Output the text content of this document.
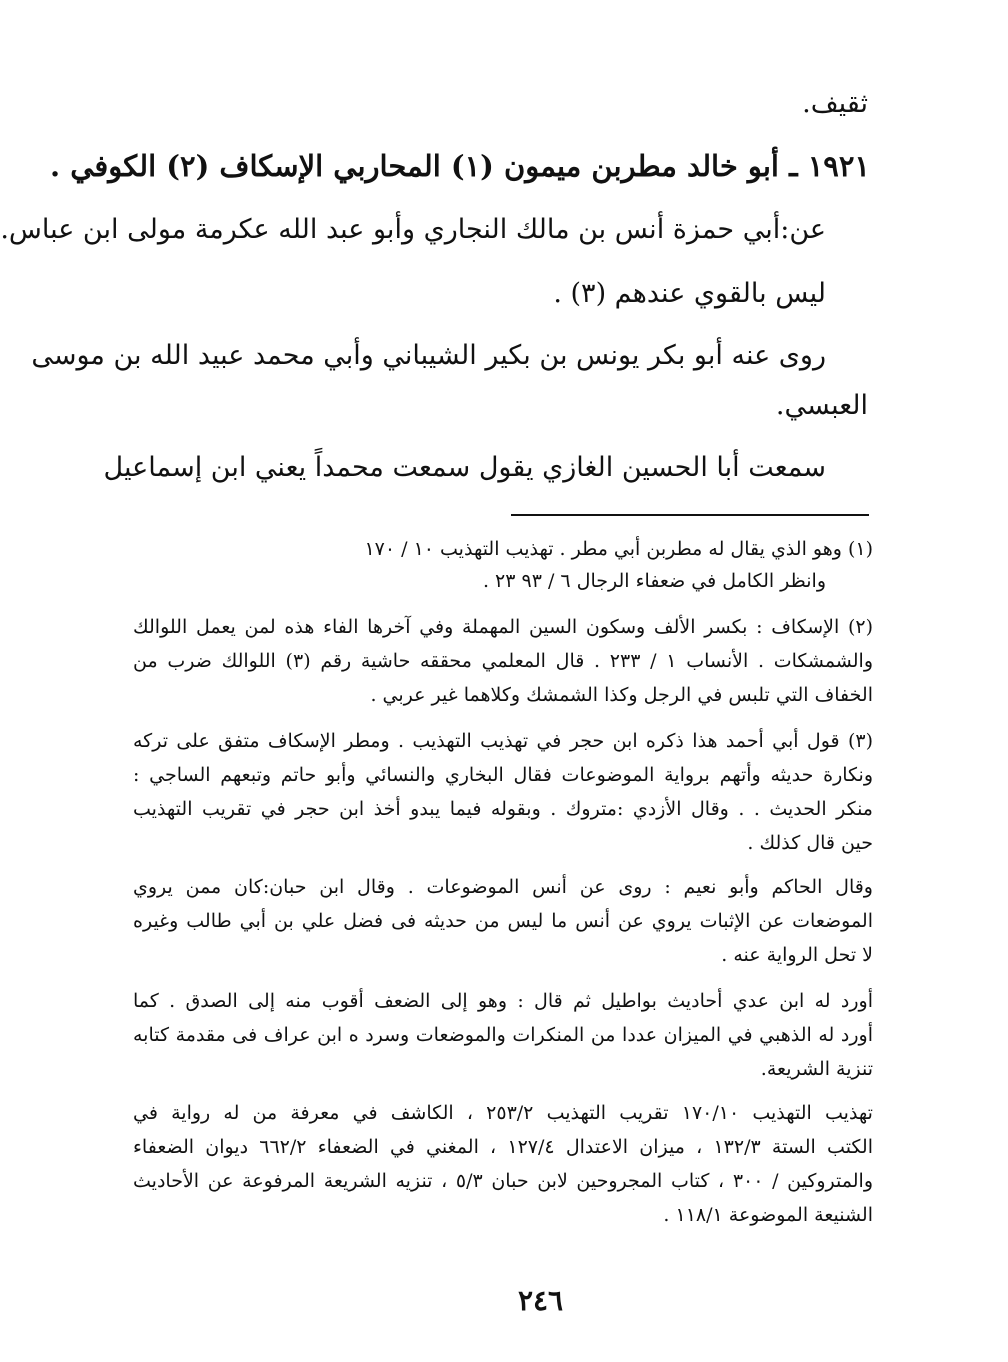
ثقيف.
١٩٢١ ـ أبو خالد مطربن ميمون (١) المحاربي الإسكاف (٢) الكوفي .
عن:أبي حمزة أنس بن مالك النجاري وأبو عبد الله عكرمة مولى ابن عباس.
ليس بالقوي عندهم (٣) .
روى عنه أبو بكر يونس بن بكير الشيباني وأبي محمد عبيد الله بن موسى
العبسي.
سمعت أبا الحسين الغازي يقول سمعت محمداً يعني ابن إسماعيل
(١) وهو الذي يقال له مطربن أبي مطر . تهذيب التهذيب ١٠ / ١٧٠
وانظر الكامل في ضعفاء الرجال ٦ / ٩٣ ٢٣ .
(٢) الإسكاف : بكسر الألف وسكون السين المهملة وفي آخرها الفاء هذه لمن يعمل اللوالك
والشمشكات . الأنساب ١ / ٢٣٣ . قال المعلمي محققه حاشية رقم (٣) اللوالك ضرب من
الخفاف التي تلبس في الرجل وكذا الشمشك وكلاهما غير عربي .
(٣) قول أبي أحمد هذا ذكره ابن حجر في تهذيب التهذيب . ومطر الإسكاف متفق على تركه
ونكارة حديثه وأتهم برواية الموضوعات فقال البخاري والنسائي وأبو حاتم وتبعهم الساجي :
منكر الحديث . . وقال الأزدي :متروك . وبقوله فيما يبدو أخذ ابن حجر في تقريب التهذيب
حين قال كذلك .
وقال الحاكم وأبو نعيم : روى عن أنس الموضوعات . وقال ابن حبان:كان ممن يروي
الموضعات عن الإثبات يروي عن أنس ما ليس من حديثه فى فضل علي بن أبي طالب وغيره
لا تحل الرواية عنه .
أورد له ابن عدي أحاديث بواطيل ثم قال : وهو إلى الضعف أقوب منه إلى الصدق . كما
أورد له الذهبي في الميزان عددا من المنكرات والموضعات وسرد ه ابن عراف فى مقدمة كتابه
تنزية الشريعة.
تهذيب التهذيب ١٧٠/١٠ تقريب التهذيب ٢٥٣/٢ ، الكاشف في معرفة من له رواية في
الكتب الستة ١٣٢/٣ ، ميزان الاعتدال ١٢٧/٤ ، المغني في الضعفاء ٦٦٢/٢ ديوان الضعفاء
والمتروكين / ٣٠٠ ، كتاب المجروحين لابن حبان ٥/٣ ، تنزيه الشريعة المرفوعة عن الأحاديث
الشنيعة الموضوعة ١١٨/١ .
٢٤٦
